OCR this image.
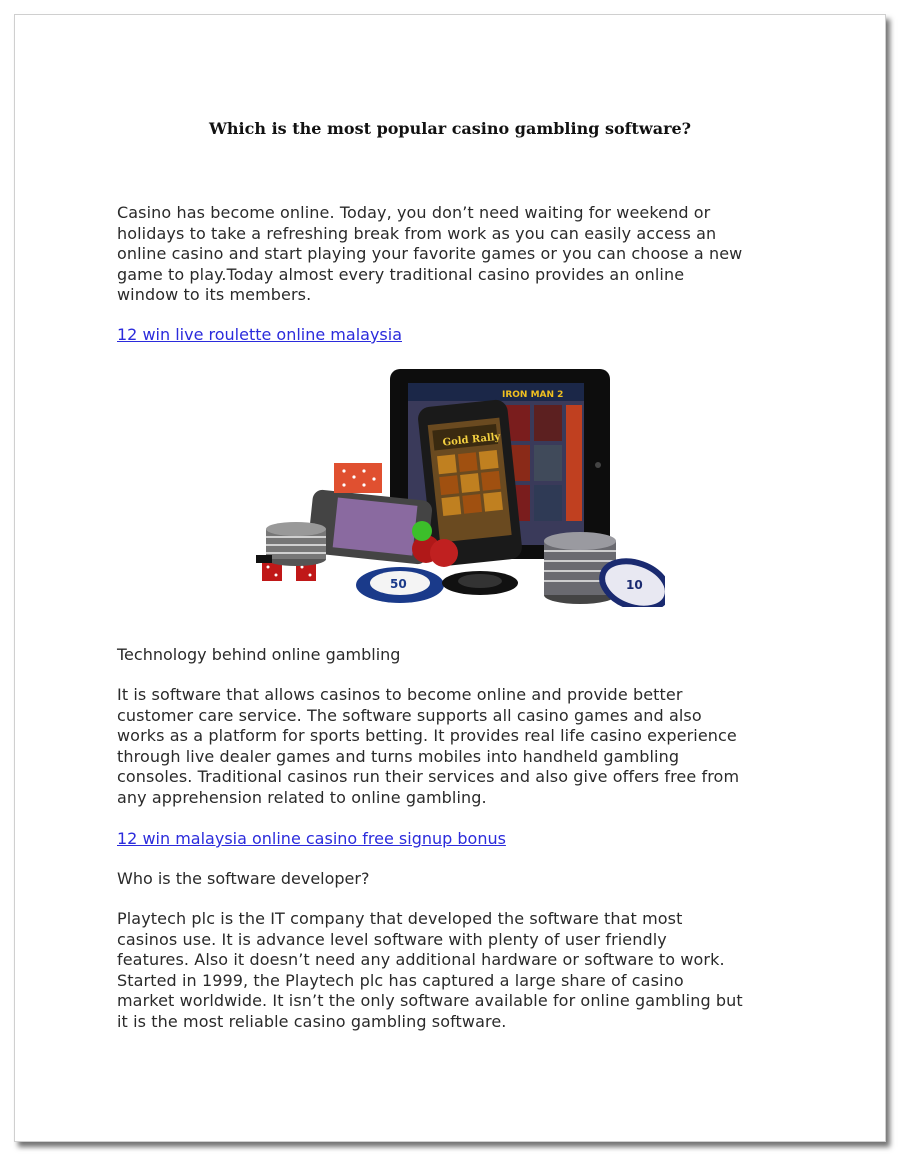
Which is the most popular casino gambling software?
Casino has become online. Today, you don’t need waiting for weekend or
holidays to take a refreshing break from work as you can easily access an
online casino and start playing your favorite games or you can choose a new
game to play.Today almost every traditional casino provides an online
window to its members.
12 win live roulette online malaysia
IRON MAN 2
Gold Rally
50	10
Technology behind online gambling
It is software that allows casinos to become online and provide better
customer care service. The software supports all casino games and also
works as a platform for sports betting. It provides real life casino experience
through live dealer games and turns mobiles into handheld gambling
consoles. Traditional casinos run their services and also give offers free from
any apprehension related to online gambling.
12 win malaysia online casino free signup bonus
Who is the software developer?
Playtech plc is the IT company that developed the software that most
casinos use. It is advance level software with plenty of user friendly
features. Also it doesn’t need any additional hardware or software to work.
Started in 1999, the Playtech plc has captured a large share of casino
market worldwide. It isn’t the only software available for online gambling but
it is the most reliable casino gambling software.
